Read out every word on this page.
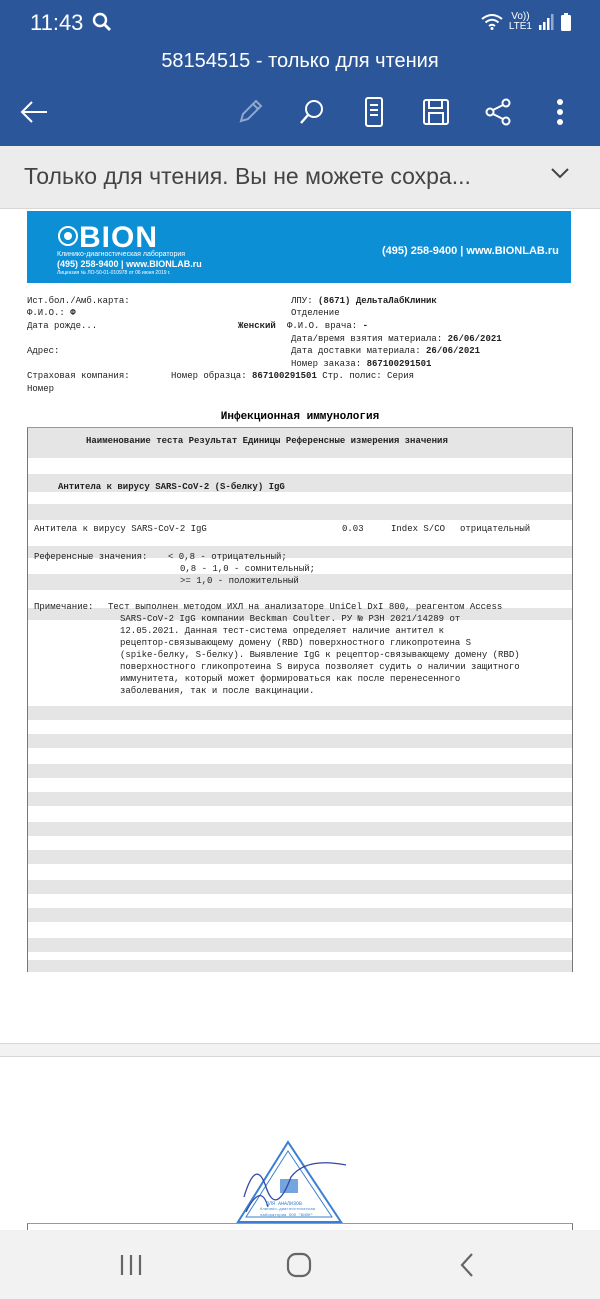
11:43	Vo))
LTE1
58154515 - только для чтения
Только для чтения. Вы не можете сохра...
BION
Клинико-диагностическая лаборатория
(495) 258-9400 | www.BIONLAB.ru
Лицензия № ЛО-50-01-010978 от 06 июня 2019 г.
(495) 258-9400 | www.BIONLAB.ru
Ист.бол./Амб.карта:
Ф.И.О.: Ф
Дата рожде...
Адрес:
Страховая компания:
Номер
Номер образца: 867100291501 Стр. полис: Серия
ЛПУ: (8671) ДельтаЛабКлиник
Отделение
Женский Ф.И.О. врача: -
Дата/время взятия материала: 26/06/2021
Дата доставки материала: 26/06/2021
Номер заказа: 867100291501
Инфекционная иммунология
Наименование теста Результат Единицы Референсные измерения значения
Антитела к вирусу SARS-CoV-2 (S-белку) IgG
Антитела к вирусу SARS-CoV-2 IgG	0.03	Index S/CO отрицательный
Референсные значения: < 0,8 - отрицательный;
0,8 - 1,0 - сомнительный;
>= 1,0 - положительный
Примечание: Тест выполнен методом ИХЛ на анализаторе UniCel DxI 800, реагентом Access
SARS-CoV-2 IgG компании Beckman Coulter. РУ № РЗН 2021/14289 от
12.05.2021. Данная тест-система определяет наличие антител к
рецептор-связывающему домену (RBD) поверхностного гликопротеина S
(spike-белку, S-белку). Выявление IgG к рецептор-связывающему домену (RBD)
поверхностного гликопротеина S вируса позволяет судить о наличии защитного
иммунитета, который может формироваться как после перенесенного
заболевания, так и после вакцинации.
ДЛЯ АНАЛИЗОВ
Клинико-диагностическая
лаборатория ООО "БИОН"
